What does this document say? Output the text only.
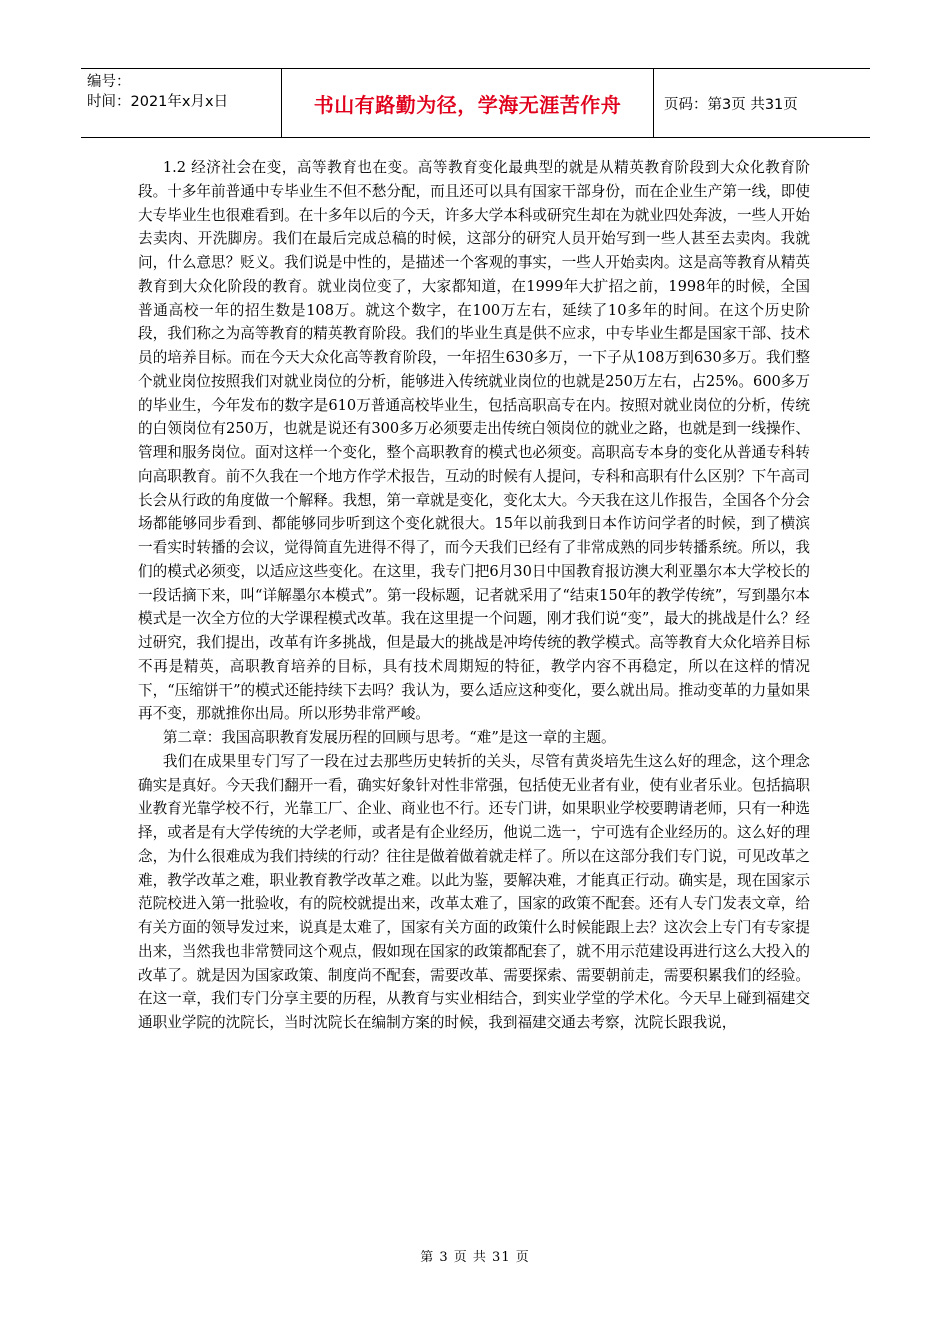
编号：
时间：2021年x月x日	书山有路勤为径，学海无涯苦作舟	页码：第3页 共31页

1.2 经济社会在变，高等教育也在变。高等教育变化最典型的就是从精英教育阶段到大众化教育阶段。十多年前普通中专毕业生不但不愁分配，而且还可以具有国家干部身份，而在企业生产第一线，即使大专毕业生也很难看到。在十多年以后的今天，许多大学本科或研究生却在为就业四处奔波，一些人开始去卖肉、开洗脚房。我们在最后完成总稿的时候，这部分的研究人员开始写到一些人甚至去卖肉。我就问，什么意思？贬义。我们说是中性的，是描述一个客观的事实，一些人开始卖肉。这是高等教育从精英教育到大众化阶段的教育。就业岗位变了，大家都知道，在1999年大扩招之前，1998年的时候，全国普通高校一年的招生数是108万。就这个数字，在100万左右，延续了10多年的时间。在这个历史阶段，我们称之为高等教育的精英教育阶段。我们的毕业生真是供不应求，中专毕业生都是国家干部、技术员的培养目标。而在今天大众化高等教育阶段，一年招生630多万，一下子从108万到630多万。我们整个就业岗位按照我们对就业岗位的分析，能够进入传统就业岗位的也就是250万左右，占25%。600多万的毕业生，今年发布的数字是610万普通高校毕业生，包括高职高专在内。按照对就业岗位的分析，传统的白领岗位有250万，也就是说还有300多万必须要走出传统白领岗位的就业之路，也就是到一线操作、管理和服务岗位。面对这样一个变化，整个高职教育的模式也必须变。高职高专本身的变化从普通专科转向高职教育。前不久我在一个地方作学术报告，互动的时候有人提问，专科和高职有什么区别？下午高司长会从行政的角度做一个解释。我想，第一章就是变化，变化太大。今天我在这儿作报告，全国各个分会场都能够同步看到、都能够同步听到这个变化就很大。15年以前我到日本作访问学者的时候，到了横滨一看实时转播的会议，觉得简直先进得不得了，而今天我们已经有了非常成熟的同步转播系统。所以，我们的模式必须变，以适应这些变化。在这里，我专门把6月30日中国教育报访澳大利亚墨尔本大学校长的一段话摘下来，叫“详解墨尔本模式”。第一段标题，记者就采用了“结束150年的教学传统”，写到墨尔本模式是一次全方位的大学课程模式改革。我在这里提一个问题，刚才我们说“变”，最大的挑战是什么？经过研究，我们提出，改革有许多挑战，但是最大的挑战是冲垮传统的教学模式。高等教育大众化培养目标不再是精英，高职教育培养的目标，具有技术周期短的特征，教学内容不再稳定，所以在这样的情况下，“压缩饼干”的模式还能持续下去吗？我认为，要么适应这种变化，要么就出局。推动变革的力量如果再不变，那就推你出局。所以形势非常严峻。

第二章：我国高职教育发展历程的回顾与思考。“难”是这一章的主题。

我们在成果里专门写了一段在过去那些历史转折的关头，尽管有黄炎培先生这么好的理念，这个理念确实是真好。今天我们翻开一看，确实好象针对性非常强，包括使无业者有业，使有业者乐业。包括搞职业教育光靠学校不行，光靠工厂、企业、商业也不行。还专门讲，如果职业学校要聘请老师，只有一种选择，或者是有大学传统的大学老师，或者是有企业经历，他说二选一，宁可选有企业经历的。这么好的理念，为什么很难成为我们持续的行动？往往是做着做着就走样了。所以在这部分我们专门说，可见改革之难，教学改革之难，职业教育教学改革之难。以此为鉴，要解决难，才能真正行动。确实是，现在国家示范院校进入第一批验收，有的院校就提出来，改革太难了，国家的政策不配套。还有人专门发表文章，给有关方面的领导发过来，说真是太难了，国家有关方面的政策什么时候能跟上去？这次会上专门有专家提出来，当然我也非常赞同这个观点，假如现在国家的政策都配套了，就不用示范建设再进行这么大投入的改革了。就是因为国家政策、制度尚不配套，需要改革、需要探索、需要朝前走，需要积累我们的经验。在这一章，我们专门分享主要的历程，从教育与实业相结合，到实业学堂的学术化。今天早上碰到福建交通职业学院的沈院长，当时沈院长在编制方案的时候，我到福建交通去考察，沈院长跟我说，

第 3 页 共 31 页
